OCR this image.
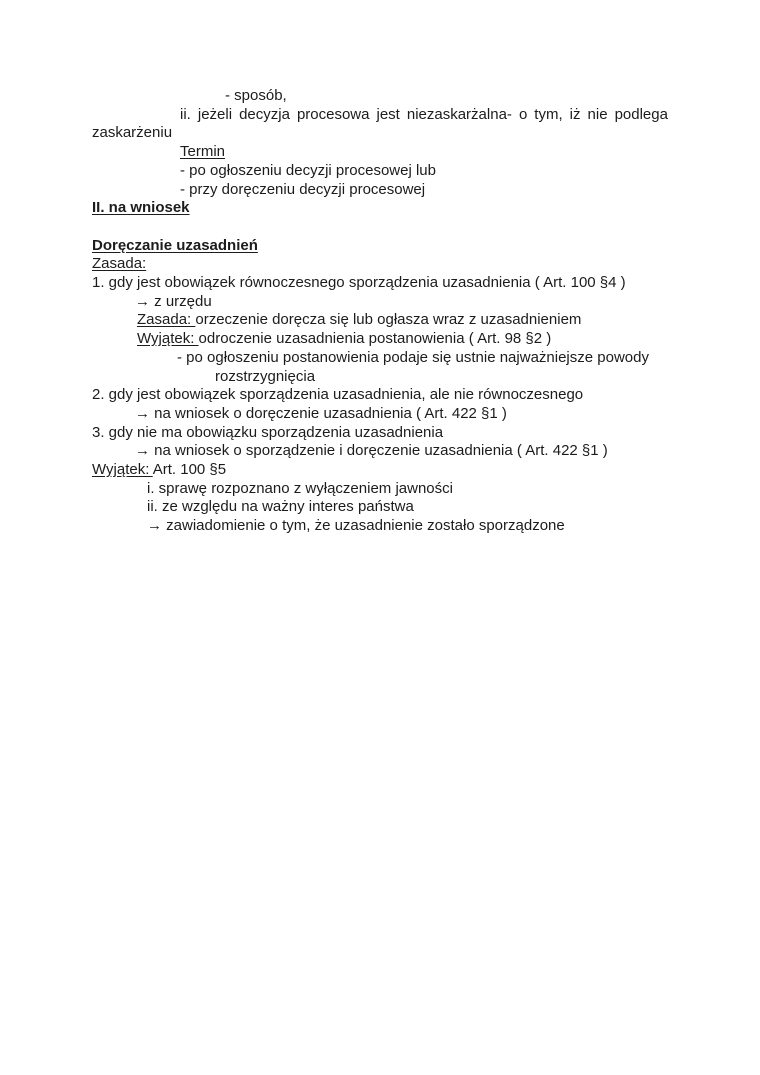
- sposób,
ii. jeżeli decyzja procesowa jest niezaskarżalna- o tym, iż nie podlega
zaskarżeniu
Termin
- po ogłoszeniu decyzji procesowej lub
- przy doręczeniu decyzji procesowej
II. na wniosek
Doręczanie uzasadnień
Zasada:
1. gdy jest obowiązek równoczesnego sporządzenia uzasadnienia ( Art. 100 §4 )
→ z urzędu
Zasada: orzeczenie doręcza się lub ogłasza wraz z uzasadnieniem
Wyjątek: odroczenie uzasadnienia postanowienia ( Art. 98 §2 )
- po ogłoszeniu postanowienia podaje się ustnie najważniejsze powody
rozstrzygnięcia
2. gdy jest obowiązek sporządzenia uzasadnienia, ale nie równoczesnego
→ na wniosek o doręczenie uzasadnienia ( Art. 422 §1 )
3. gdy nie ma obowiązku sporządzenia uzasadnienia
→ na wniosek o sporządzenie i doręczenie uzasadnienia ( Art. 422 §1 )
Wyjątek: Art. 100 §5
i. sprawę rozpoznano z wyłączeniem jawności
ii. ze względu na ważny interes państwa
→ zawiadomienie o tym, że uzasadnienie zostało sporządzone
